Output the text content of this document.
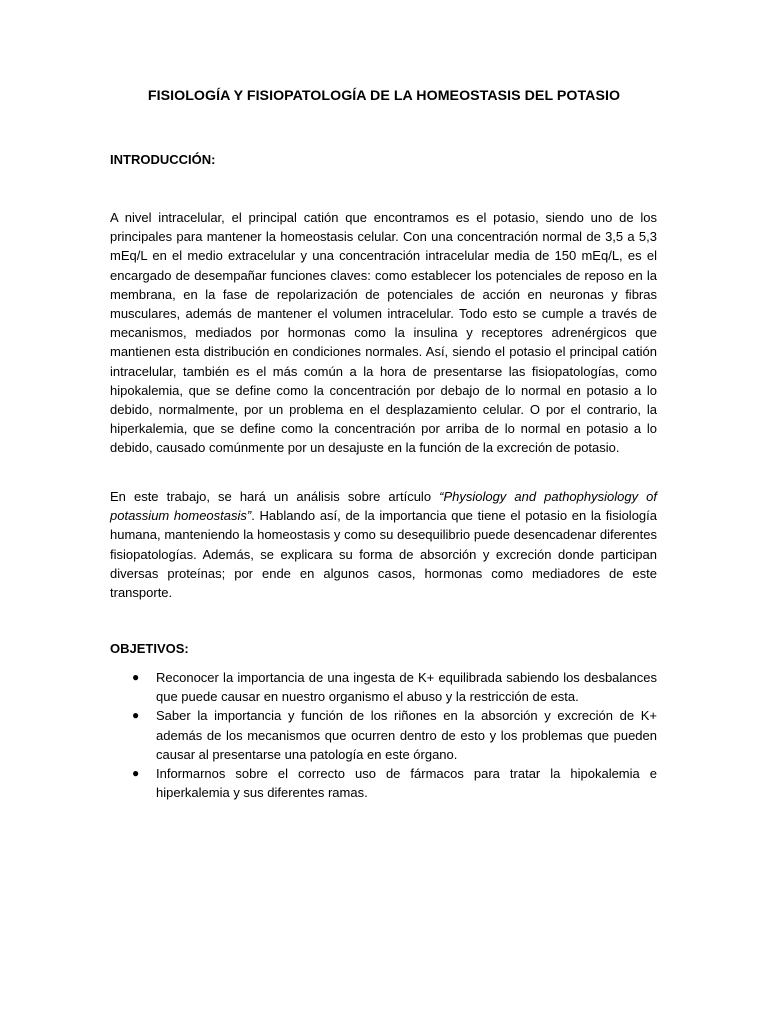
FISIOLOGÍA Y FISIOPATOLOGÍA DE LA HOMEOSTASIS DEL POTASIO
INTRODUCCIÓN:

A nivel intracelular, el principal catión que encontramos es el potasio, siendo uno de los principales para mantener la homeostasis celular. Con una concentración normal de 3,5 a 5,3 mEq/L en el medio extracelular y una concentración intracelular media de 150 mEq/L, es el encargado de desempañar funciones claves: como establecer los potenciales de reposo en la membrana, en la fase de repolarización de potenciales de acción en neuronas y fibras musculares, además de mantener el volumen intracelular. Todo esto se cumple a través de mecanismos, mediados por hormonas como la insulina y receptores adrenérgicos que mantienen esta distribución en condiciones normales. Así, siendo el potasio el principal catión intracelular, también es el más común a la hora de presentarse las fisiopatologías, como hipokalemia, que se define como la concentración por debajo de lo normal en potasio a lo debido, normalmente, por un problema en el desplazamiento celular. O por el contrario, la hiperkalemia, que se define como la concentración por arriba de lo normal en potasio a lo debido, causado comúnmente por un desajuste en la función de la excreción de potasio.

En este trabajo, se hará un análisis sobre artículo “Physiology and pathophysiology of potassium homeostasis”. Hablando así, de la importancia que tiene el potasio en la fisiología humana, manteniendo la homeostasis y como su desequilibrio puede desencadenar diferentes fisiopatologías. Además, se explicara su forma de absorción y excreción donde participan diversas proteínas; por ende en algunos casos, hormonas como mediadores de este transporte.

OBJETIVOS:
● Reconocer la importancia de una ingesta de K+ equilibrada sabiendo los desbalances que puede causar en nuestro organismo el abuso y la restricción de esta.
● Saber la importancia y función de los riñones en la absorción y excreción de K+ además de los mecanismos que ocurren dentro de esto y los problemas que pueden causar al presentarse una patología en este órgano.
● Informarnos sobre el correcto uso de fármacos para tratar la hipokalemia e hiperkalemia y sus diferentes ramas.
